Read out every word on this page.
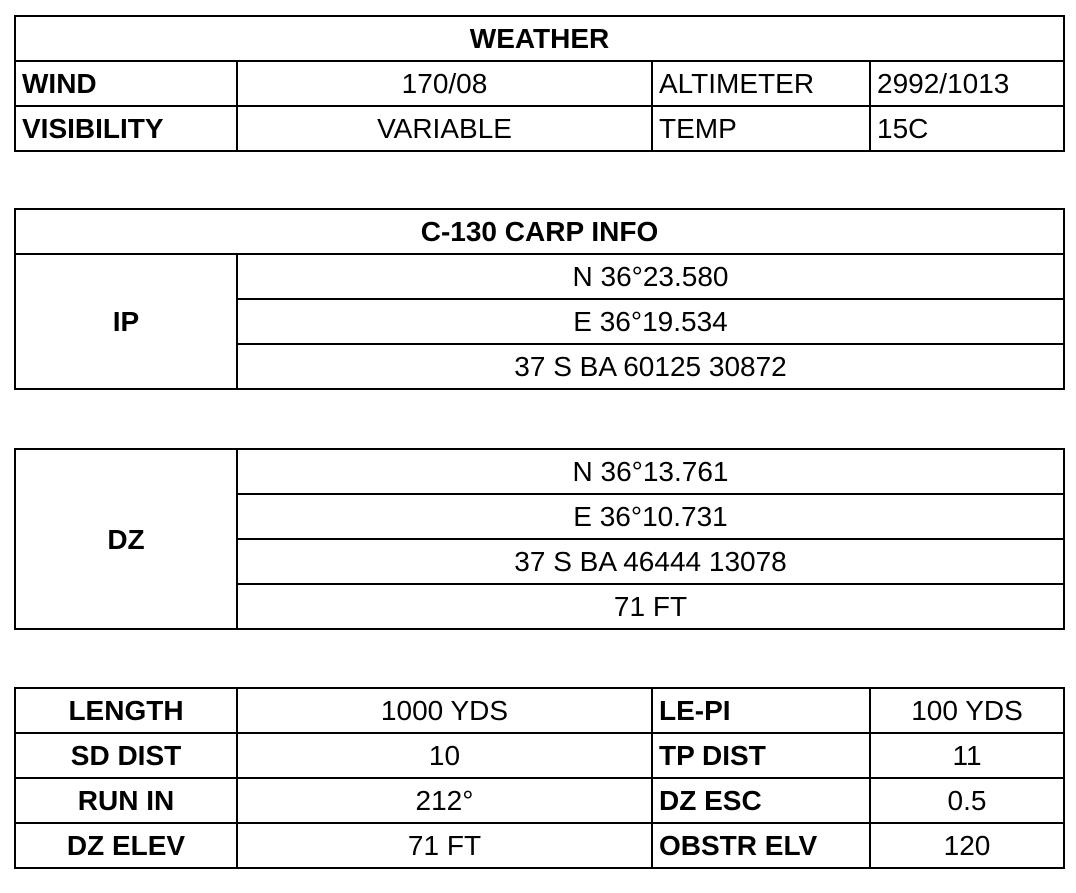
WEATHER			
WIND	170/08	ALTIMETER	2992/1013
VISIBILITY	VARIABLE	TEMP	15C
C-130 CARP INFO
IP	N 36°23.580
E 36°19.534
37 S BA 60125 30872
DZ	N 36°13.761
E 36°10.731
37 S BA 46444 13078
71 FT
LENGTH	1000 YDS	LE-PI	100 YDS
SD DIST	10	TP DIST	11
RUN IN	212°	DZ ESC	0.5
DZ ELEV	71 FT	OBSTR ELV	120
